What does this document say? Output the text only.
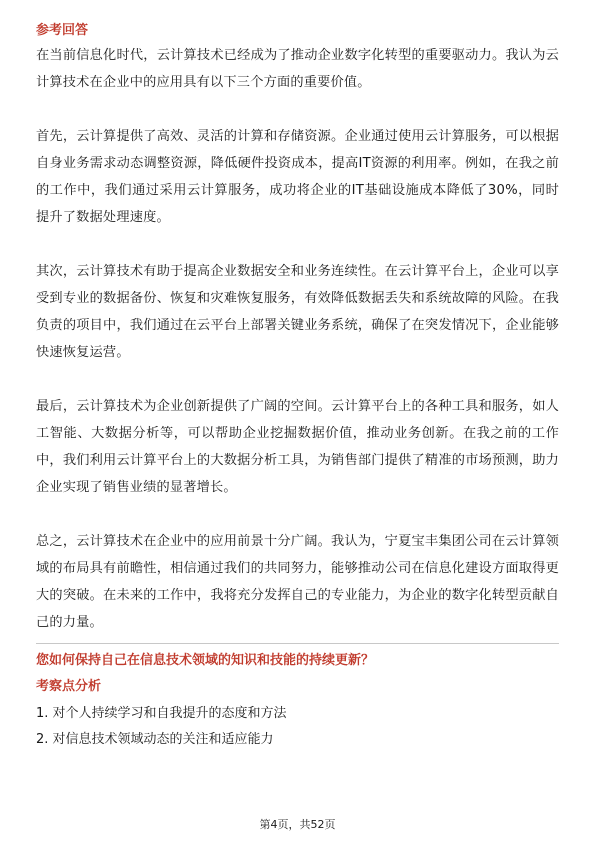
参考回答

在当前信息化时代，云计算技术已经成为了推动企业数字化转型的重要驱动力。我认为云计算技术在企业中的应用具有以下三个方面的重要价值。

首先，云计算提供了高效、灵活的计算和存储资源。企业通过使用云计算服务，可以根据自身业务需求动态调整资源，降低硬件投资成本，提高IT资源的利用率。例如，在我之前的工作中，我们通过采用云计算服务，成功将企业的IT基础设施成本降低了30%，同时提升了数据处理速度。

其次，云计算技术有助于提高企业数据安全和业务连续性。在云计算平台上，企业可以享受到专业的数据备份、恢复和灾难恢复服务，有效降低数据丢失和系统故障的风险。在我负责的项目中，我们通过在云平台上部署关键业务系统，确保了在突发情况下，企业能够快速恢复运营。

最后，云计算技术为企业创新提供了广阔的空间。云计算平台上的各种工具和服务，如人工智能、大数据分析等，可以帮助企业挖掘数据价值，推动业务创新。在我之前的工作中，我们利用云计算平台上的大数据分析工具，为销售部门提供了精准的市场预测，助力企业实现了销售业绩的显著增长。

总之，云计算技术在企业中的应用前景十分广阔。我认为，宁夏宝丰集团公司在云计算领域的布局具有前瞻性，相信通过我们的共同努力，能够推动公司在信息化建设方面取得更大的突破。在未来的工作中，我将充分发挥自己的专业能力，为企业的数字化转型贡献自己的力量。

您如何保持自己在信息技术领域的知识和技能的持续更新？

考察点分析

1. 对个人持续学习和自我提升的态度和方法

2. 对信息技术领域动态的关注和适应能力

第4页，共52页
